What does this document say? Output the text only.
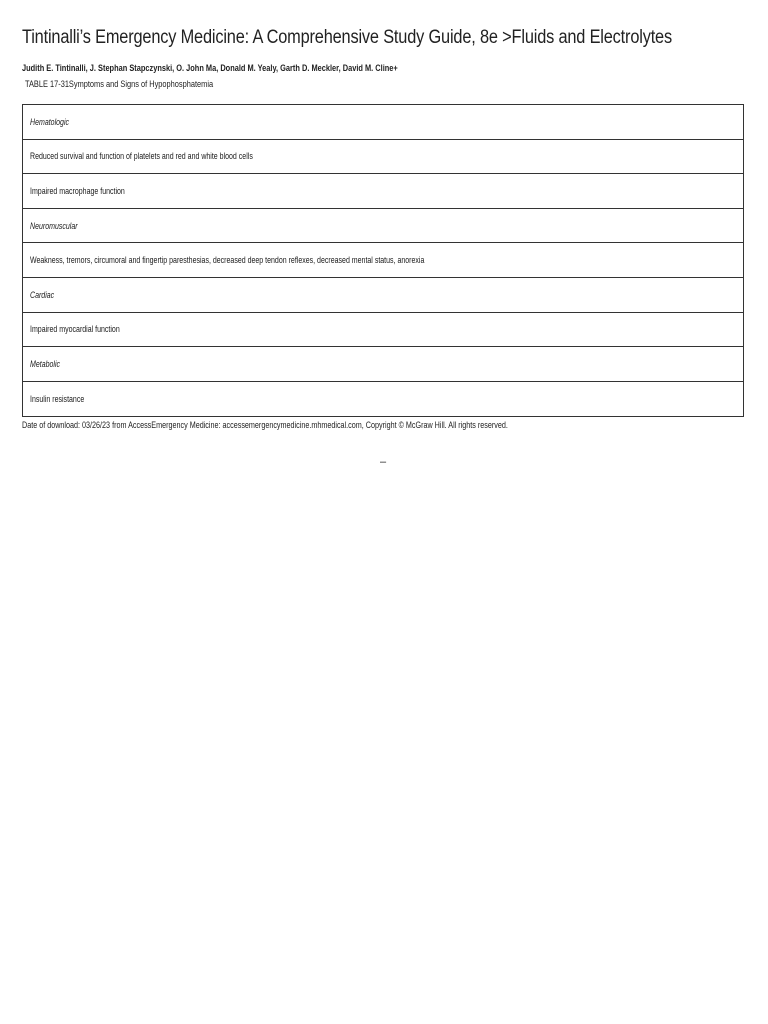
Tintinalli’s Emergency Medicine: A Comprehensive Study Guide, 8e >Fluids and Electrolytes
Judith E. Tintinalli, J. Stephan Stapczynski, O. John Ma, Donald M. Yealy, Garth D. Meckler, David M. Cline+
TABLE 17-31Symptoms and Signs of Hypophosphatemia
Hematologic
Reduced survival and function of platelets and red and white blood cells
Impaired macrophage function
Neuromuscular
Weakness, tremors, circumoral and fingertip paresthesias, decreased deep tendon reflexes, decreased mental status, anorexia
Cardiac
Impaired myocardial function
Metabolic
Insulin resistance
Date of download: 03/26/23 from AccessEmergency Medicine: accessemergencymedicine.mhmedical.com, Copyright © McGraw Hill. All rights reserved.
–
